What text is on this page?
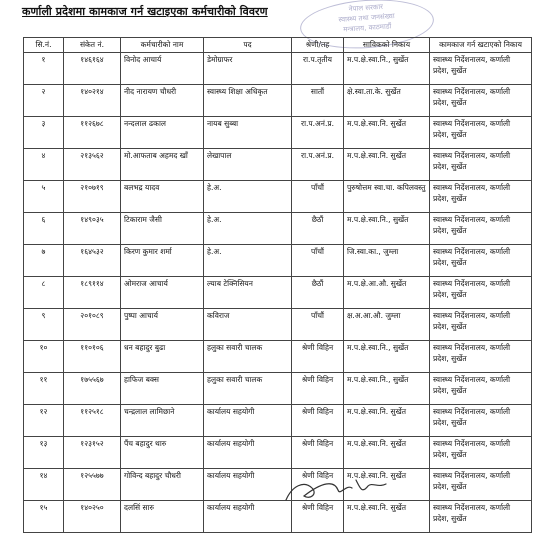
नेपाल सरकार
स्वास्थ्य तथा जनसंख्या
मन्त्रालय, काठमाडौं
कर्णाली प्रदेशमा कामकाज गर्न खटाइएका कर्मचारीको विवरण
सि.नं.	संकेत नं.	कर्मचारीको नाम	पद	श्रेणी/तह	साविकको निकाय	कामकाज गर्न खटाएको निकाय
१	१४६१६४	विनोद आचार्य	डेमोग्राफर	रा.प.तृतीय	म.प.क्षे.स्वा.नि., सुर्खेत	स्वास्थ्य निर्देशनालय, कर्णाली प्रदेश, सुर्खेत
२	१४०२१४	नीद नारायण चौधरी	स्वास्थ्य शिक्षा अधिकृत	सातौं	क्षे.स्वा.ता.के. सुर्खेत	स्वास्थ्य निर्देशनालय, कर्णाली प्रदेश, सुर्खेत
३	११२६७८	नन्दलाल ढकाल	नायब सुब्बा	रा.प.अनं.प्र.	म.प.क्षे.स्वा.नि. सुर्खेत	स्वास्थ्य निर्देशनालय, कर्णाली प्रदेश, सुर्खेत
४	२१३५६२	मो.आफताब अहमद खाँ	लेखापाल	रा.प.अनं.प्र.	म.प.क्षे.स्वा.नि. सुर्खेत	स्वास्थ्य निर्देशनालय, कर्णाली प्रदेश, सुर्खेत
५	२१०७१९	बलभद्र यादव	हे.अ.	पाँचौं	पुरुषोत्तम स्वा.चा. कपिलवस्तु	स्वास्थ्य निर्देशनालय, कर्णाली प्रदेश, सुर्खेत
६	१४९०३५	टिकाराम जैसी	हे.अ.	छैठौं	म.प.क्षे.स्वा.नि., सुर्खेत	स्वास्थ्य निर्देशनालय, कर्णाली प्रदेश, सुर्खेत
७	१६४५३२	किरण कुमार शर्मा	हे.अ.	पाँचौं	जि.स्वा.का., जुम्ला	स्वास्थ्य निर्देशनालय, कर्णाली प्रदेश, सुर्खेत
८	१८९११४	ओमराज आचार्य	ल्याब टेक्निसियन	छैठौं	म.प.क्षे.आ.औ. सुर्खेत	स्वास्थ्य निर्देशनालय, कर्णाली प्रदेश, सुर्खेत
९	२०१०८९	पुष्पा आचार्य	कविराज	पाँचौं	क्ष.अ.आ.औ. जुम्ला	स्वास्थ्य निर्देशनालय, कर्णाली प्रदेश, सुर्खेत
१०	११०१०६	धन बहादुर बुढा	हलुका सवारी चालक	श्रेणी विहिन	म.प.क्षे.स्वा.नि., सुर्खेत	स्वास्थ्य निर्देशनालय, कर्णाली प्रदेश, सुर्खेत
११	१७५५६७	हाफिज बक्स	हलुका सवारी चालक	श्रेणी विहिन	म.प.क्षे.स्वा.नि., सुर्खेत	स्वास्थ्य निर्देशनालय, कर्णाली प्रदेश, सुर्खेत
१२	११२५१८	चन्द्रलाल लामिछाने	कार्यालय सहयोगी	श्रेणी विहिन	म.प.क्षे.स्वा.नि. सुर्खेत	स्वास्थ्य निर्देशनालय, कर्णाली प्रदेश, सुर्खेत
१३	१२३१५२	पैंच बहादुर थारु	कार्यालय सहयोगी	श्रेणी विहिन	म.प.क्षे.स्वा.नि. सुर्खेत	स्वास्थ्य निर्देशनालय, कर्णाली प्रदेश, सुर्खेत
१४	१२५५७७	गोविन्द बहादुर चौधरी	कार्यालय सहयोगी	श्रेणी विहिन	म.प.क्षे.स्वा.नि. सुर्खेत	स्वास्थ्य निर्देशनालय, कर्णाली प्रदेश, सुर्खेत
१५	१४०२५०	दलसिं सारु	कार्यालय सहयोगी	श्रेणी विहिन	म.प.क्षे.स्वा.नि. सुर्खेत	स्वास्थ्य निर्देशनालय, कर्णाली प्रदेश, सुर्खेत
